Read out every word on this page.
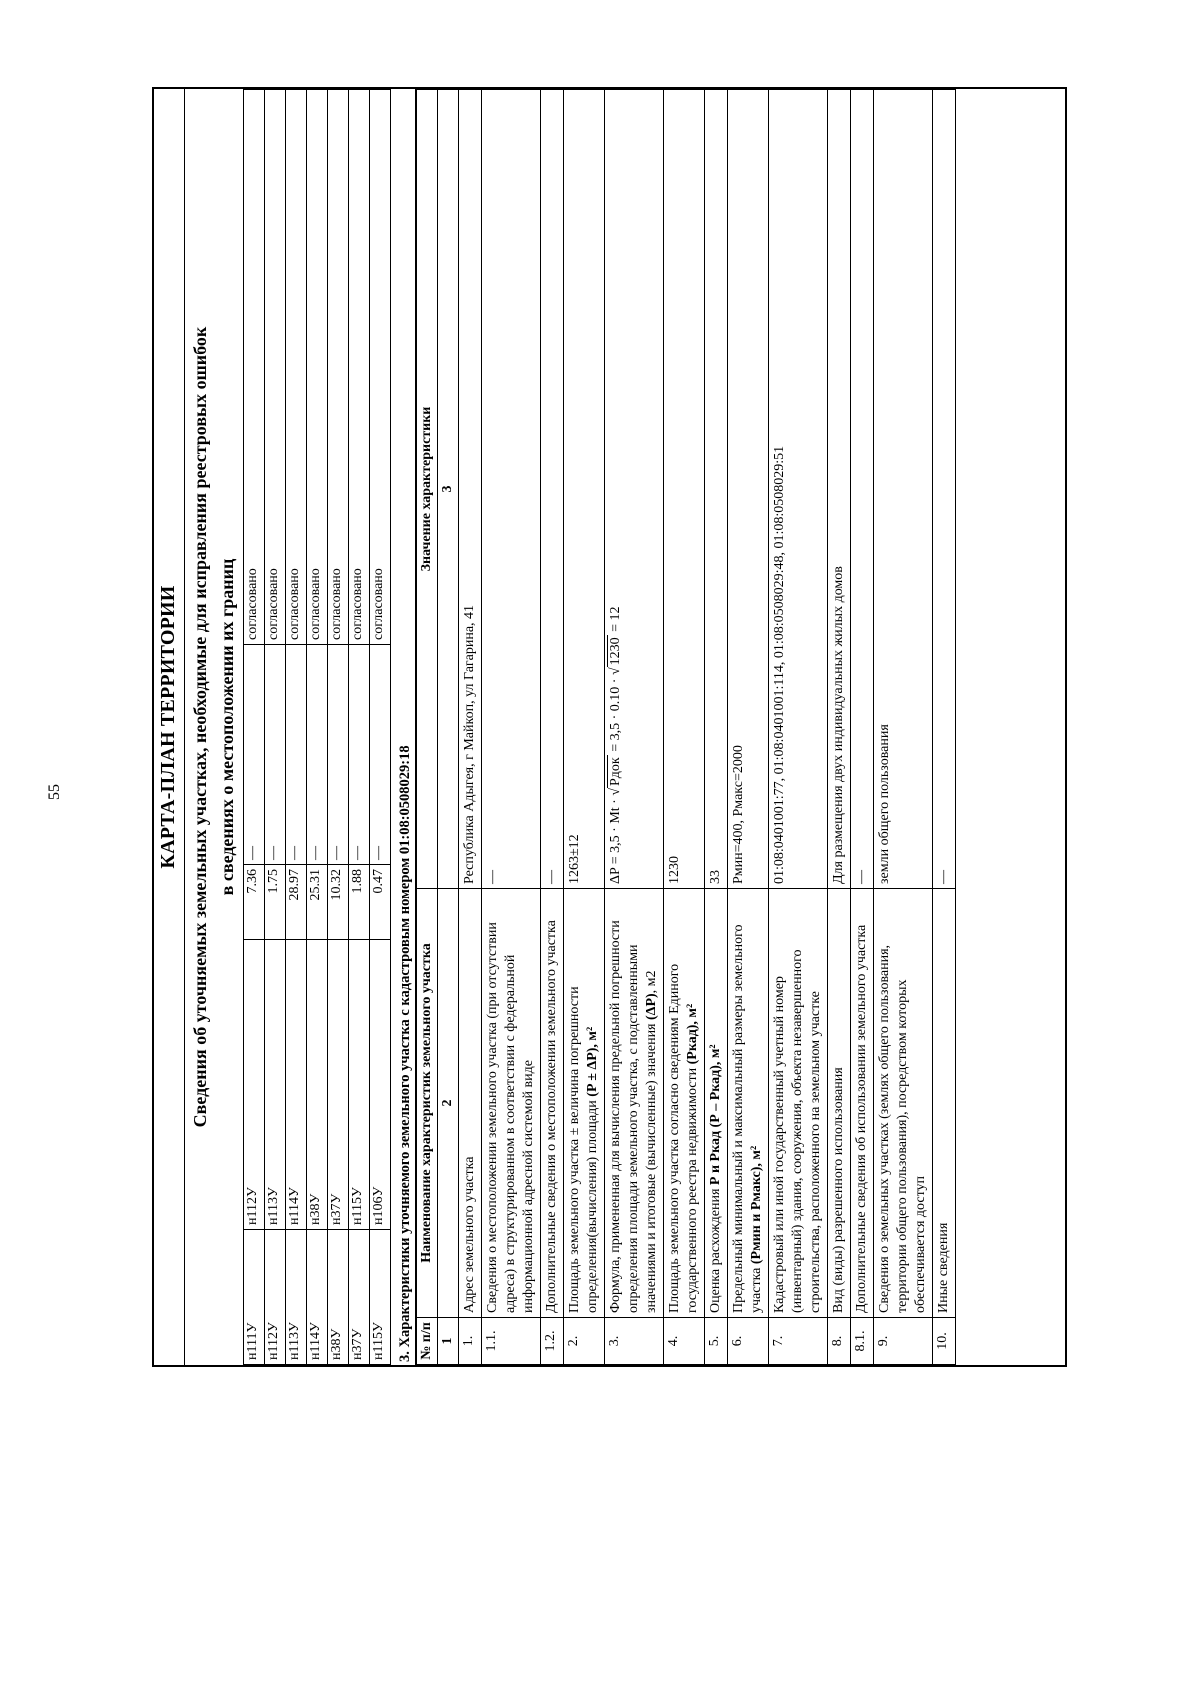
55	КАРТА-ПЛАН ТЕРРИТОРИИ Сведения об уточняемых земельных участках, необходимые для исправления реестровых ошибок в сведениях о местоположении их границ
н111У	н112У	7.36	—	согласовано
н112У	н113У	1.75	—	согласовано
н113У	н114У	28.97	—	согласовано
н114У	н38У	25.31	—	согласовано
н38У	н37У	10.32	—	согласовано
н37У	н115У	1.88	—	согласовано
н115У	н106У	0.47	—	согласовано
3. Характеристики уточняемого земельного участка с кадастровым номером 01:08:0508029:18 № п/п	Наименование характеристик земельного участка	Значение характеристики
1	2	3
1.	Адрес земельного участка	Республика Адыгея, г Майкоп, ул Гагарина, 41
1.1.	Сведения о местоположении земельного участка (при отсутствии адреса) в структурированном в соответствии с федеральной информационной адресной системой виде	—
1.2.	Дополнительные сведения о местоположении земельного участка	—
2.	Площадь земельного участка ± величина погрешности определения(вычисления) площади (P ± ΔP), м²	1263±12
3.	Формула, примененная для вычисления предельной погрешности определения площади земельного участка, с подставленными значениями и итоговые (вычисленные) значения (ΔP), м2	ΔP = 3,5 · Mt · √Pдок = 3,5 · 0.10 · √1230 = 12
4.	Площадь земельного участка согласно сведениям Единого государственного реестра недвижимости (Ркад), м²	1230
5.	Оценка расхождения Р и Ркад (Р – Ркад), м²	33
6.	Предельный минимальный и максимальный размеры земельного участка (Рмин и Рмакс), м²	Рмин=400, Рмакс=2000
7.	Кадастровый или иной государственный учетный номер (инвентарный) здания, сооружения, объекта незавершенного строительства, расположенного на земельном участке	01:08:0401001:77, 01:08:0401001:114, 01:08:0508029:48, 01:08:0508029:51
8.	Вид (виды) разрешенного использования	Для размещения двух индивидуальных жилых домов
8.1.	Дополнительные сведения об использовании земельного участка	—
9.	Сведения о земельных участках (землях общего пользования, территории общего пользования), посредством которых обеспечивается доступ	земли общего пользования
10.	Иные сведения	—
